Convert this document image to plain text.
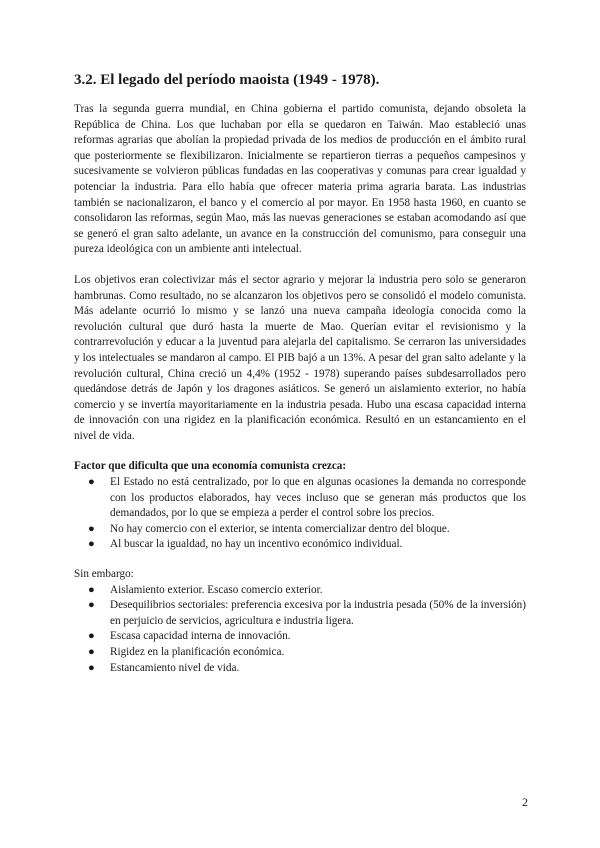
3.2. El legado del período maoista (1949 - 1978).

Tras la segunda guerra mundial, en China gobierna el partido comunista, dejando obsoleta la República de China. Los que luchaban por ella se quedaron en Taiwán. Mao estableció unas reformas agrarias que abolían la propiedad privada de los medios de producción en el ámbito rural que posteriormente se flexibilizaron. Inicialmente se repartieron tierras a pequeños campesinos y sucesivamente se volvieron públicas fundadas en las cooperativas y comunas para crear igualdad y potenciar la industria. Para ello había que ofrecer materia prima agraria barata. Las industrias también se nacionalizaron, el banco y el comercio al por mayor. En 1958 hasta 1960, en cuanto se consolidaron las reformas, según Mao, más las nuevas generaciones se estaban acomodando así que se generó el gran salto adelante, un avance en la construcción del comunismo, para conseguir una pureza ideológica con un ambiente anti intelectual.

Los objetivos eran colectivizar más el sector agrario y mejorar la industria pero solo se generaron hambrunas. Como resultado, no se alcanzaron los objetivos pero se consolidó el modelo comunista. Más adelante ocurrió lo mismo y se lanzó una nueva campaña ideología conocida como la revolución cultural que duró hasta la muerte de Mao. Querían evitar el revisionismo y la contrarrevolución y educar a la juventud para alejarla del capitalismo. Se cerraron las universidades y los intelectuales se mandaron al campo. El PIB bajó a un 13%. A pesar del gran salto adelante y la revolución cultural, China creció un 4,4% (1952 - 1978) superando países subdesarrollados pero quedándose detrás de Japón y los dragones asiáticos. Se generó un aislamiento exterior, no había comercio y se invertía mayoritariamente en la industria pesada. Hubo una escasa capacidad interna de innovación con una rigidez en la planificación económica. Resultó en un estancamiento en el nivel de vida.

Factor que dificulta que una economía comunista crezca:

● El Estado no está centralizado, por lo que en algunas ocasiones la demanda no corresponde con los productos elaborados, hay veces incluso que se generan más productos que los demandados, por lo que se empieza a perder el control sobre los precios.
● No hay comercio con el exterior, se intenta comercializar dentro del bloque.
● Al buscar la igualdad, no hay un incentivo económico individual.

Sin embargo:

● Aislamiento exterior. Escaso comercio exterior.
● Desequilibrios sectoriales: preferencia excesiva por la industria pesada (50% de la inversión) en perjuicio de servicios, agricultura e industria ligera.
● Escasa capacidad interna de innovación.
● Rigidez en la planificación económica.
● Estancamiento nivel de vida.
2
